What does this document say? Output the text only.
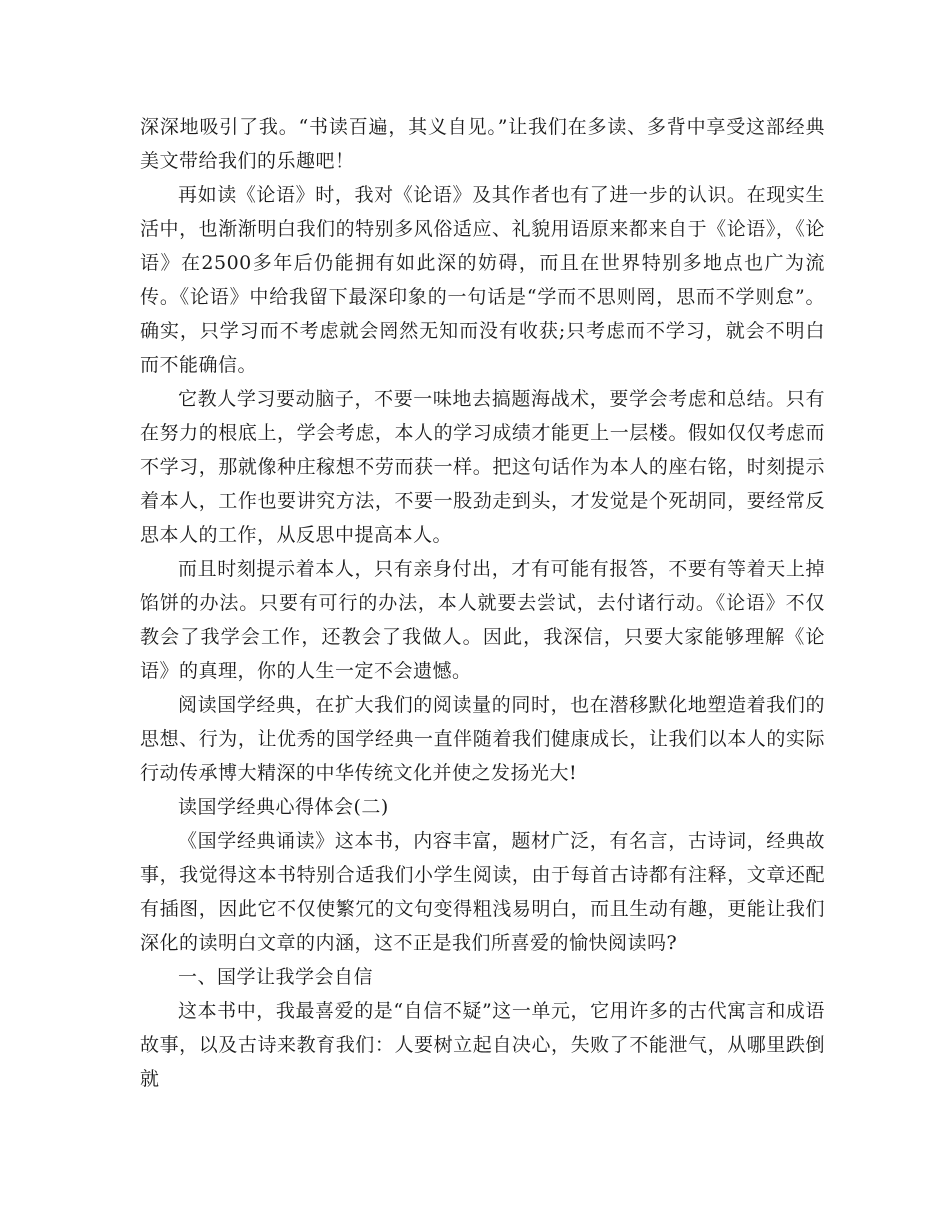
深深地吸引了我。“书读百遍，其义自见。”让我们在多读、多背中享受这部经典美文带给我们的乐趣吧！

再如读《论语》时，我对《论语》及其作者也有了进一步的认识。在现实生活中，也渐渐明白我们的特别多风俗适应、礼貌用语原来都来自于《论语》，《论语》在2500多年后仍能拥有如此深的妨碍，而且在世界特别多地点也广为流传。《论语》中给我留下最深印象的一句话是“学而不思则罔，思而不学则怠”。确实，只学习而不考虑就会罔然无知而没有收获;只考虑而不学习，就会不明白而不能确信。

它教人学习要动脑子，不要一味地去搞题海战术，要学会考虑和总结。只有在努力的根底上，学会考虑，本人的学习成绩才能更上一层楼。假如仅仅考虑而不学习，那就像种庄稼想不劳而获一样。把这句话作为本人的座右铭，时刻提示着本人，工作也要讲究方法，不要一股劲走到头，才发觉是个死胡同，要经常反思本人的工作，从反思中提高本人。

而且时刻提示着本人，只有亲身付出，才有可能有报答，不要有等着天上掉馅饼的办法。只要有可行的办法，本人就要去尝试，去付诸行动。《论语》不仅教会了我学会工作，还教会了我做人。因此，我深信，只要大家能够理解《论语》的真理，你的人生一定不会遗憾。

阅读国学经典，在扩大我们的阅读量的同时，也在潜移默化地塑造着我们的思想、行为，让优秀的国学经典一直伴随着我们健康成长，让我们以本人的实际行动传承博大精深的中华传统文化并使之发扬光大!

读国学经典心得体会(二)

《国学经典诵读》这本书，内容丰富，题材广泛，有名言，古诗词，经典故事，我觉得这本书特别合适我们小学生阅读，由于每首古诗都有注释，文章还配有插图，因此它不仅使繁冗的文句变得粗浅易明白，而且生动有趣，更能让我们深化的读明白文章的内涵，这不正是我们所喜爱的愉快阅读吗?

一、国学让我学会自信

这本书中，我最喜爱的是“自信不疑”这一单元，它用许多的古代寓言和成语故事，以及古诗来教育我们：人要树立起自决心，失败了不能泄气，从哪里跌倒就
